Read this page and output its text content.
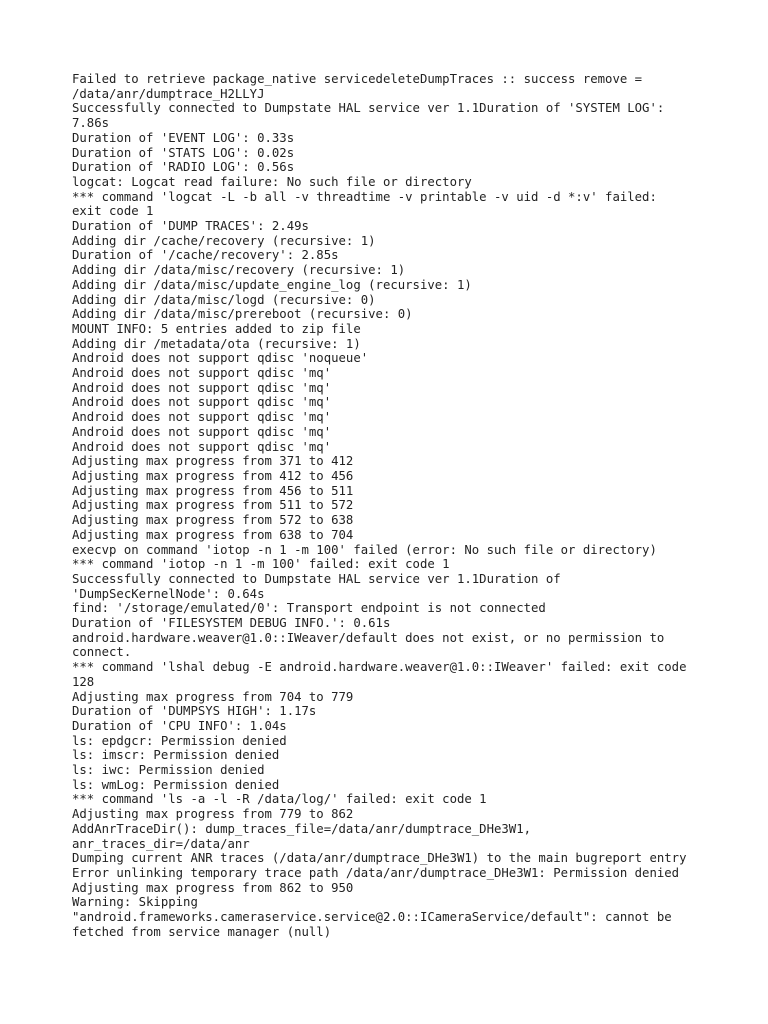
Failed to retrieve package_native servicedeleteDumpTraces :: success remove =
/data/anr/dumptrace_H2LLYJ
Successfully connected to Dumpstate HAL service ver 1.1Duration of 'SYSTEM LOG':
7.86s
Duration of 'EVENT LOG': 0.33s
Duration of 'STATS LOG': 0.02s
Duration of 'RADIO LOG': 0.56s
logcat: Logcat read failure: No such file or directory
*** command 'logcat -L -b all -v threadtime -v printable -v uid -d *:v' failed:
exit code 1
Duration of 'DUMP TRACES': 2.49s
Adding dir /cache/recovery (recursive: 1)
Duration of '/cache/recovery': 2.85s
Adding dir /data/misc/recovery (recursive: 1)
Adding dir /data/misc/update_engine_log (recursive: 1)
Adding dir /data/misc/logd (recursive: 0)
Adding dir /data/misc/prereboot (recursive: 0)
MOUNT INFO: 5 entries added to zip file
Adding dir /metadata/ota (recursive: 1)
Android does not support qdisc 'noqueue'
Android does not support qdisc 'mq'
Android does not support qdisc 'mq'
Android does not support qdisc 'mq'
Android does not support qdisc 'mq'
Android does not support qdisc 'mq'
Android does not support qdisc 'mq'
Adjusting max progress from 371 to 412
Adjusting max progress from 412 to 456
Adjusting max progress from 456 to 511
Adjusting max progress from 511 to 572
Adjusting max progress from 572 to 638
Adjusting max progress from 638 to 704
execvp on command 'iotop -n 1 -m 100' failed (error: No such file or directory)
*** command 'iotop -n 1 -m 100' failed: exit code 1
Successfully connected to Dumpstate HAL service ver 1.1Duration of
'DumpSecKernelNode': 0.64s
find: '/storage/emulated/0': Transport endpoint is not connected
Duration of 'FILESYSTEM DEBUG INFO.': 0.61s
android.hardware.weaver@1.0::IWeaver/default does not exist, or no permission to
connect.
*** command 'lshal debug -E android.hardware.weaver@1.0::IWeaver' failed: exit code
128
Adjusting max progress from 704 to 779
Duration of 'DUMPSYS HIGH': 1.17s
Duration of 'CPU INFO': 1.04s
ls: epdgcr: Permission denied
ls: imscr: Permission denied
ls: iwc: Permission denied
ls: wmLog: Permission denied
*** command 'ls -a -l -R /data/log/' failed: exit code 1
Adjusting max progress from 779 to 862
AddAnrTraceDir(): dump_traces_file=/data/anr/dumptrace_DHe3W1,
anr_traces_dir=/data/anr
Dumping current ANR traces (/data/anr/dumptrace_DHe3W1) to the main bugreport entry
Error unlinking temporary trace path /data/anr/dumptrace_DHe3W1: Permission denied
Adjusting max progress from 862 to 950
Warning: Skipping
"android.frameworks.cameraservice.service@2.0::ICameraService/default": cannot be
fetched from service manager (null)
